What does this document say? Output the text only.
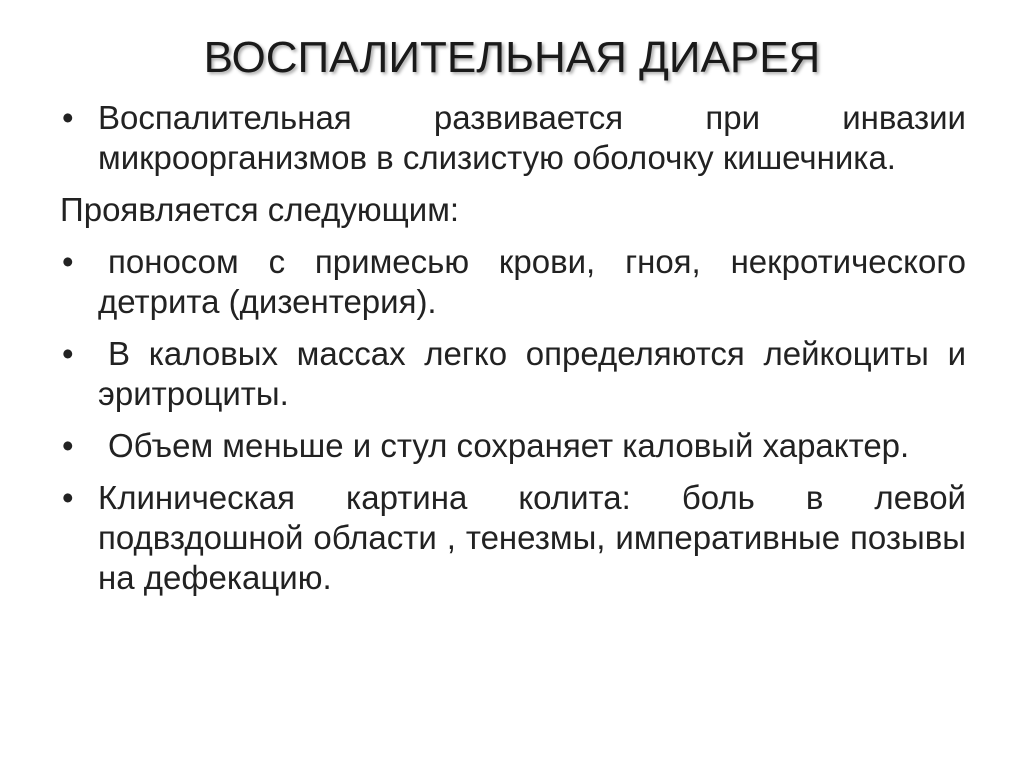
ВОСПАЛИТЕЛЬНАЯ ДИАРЕЯ
• Воспалительная развивается при инвазии микроорганизмов в слизистую оболочку кишечника.
Проявляется следующим:
•	поносом с примесью крови, гноя, некротического детрита (дизентерия).
•	В каловых массах легко определяются лейкоциты и эритроциты.
•	Объем меньше и стул сохраняет каловый характер.
• Клиническая картина колита: боль в левой подвздошной области , тенезмы, императивные позывы на дефекацию.
